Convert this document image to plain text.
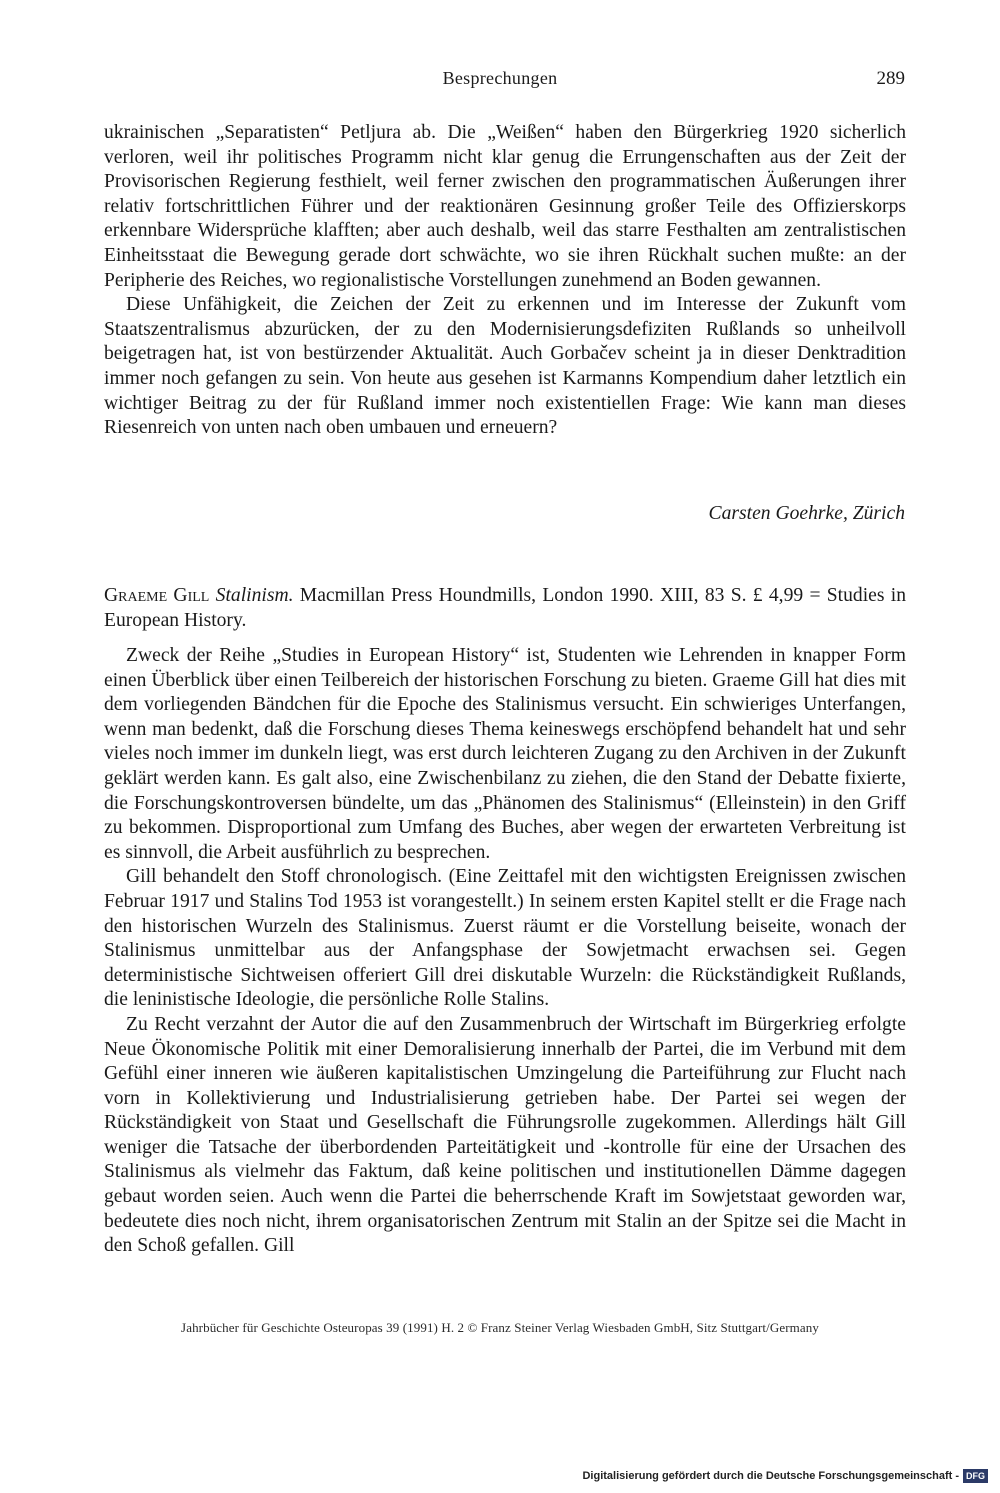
Besprechungen	289

ukrainischen „Separatisten“ Petljura ab. Die „Weißen“ haben den Bürgerkrieg 1920 sicherlich verloren, weil ihr politisches Programm nicht klar genug die Errungenschaften aus der Zeit der Provisorischen Regierung festhielt, weil ferner zwischen den programmatischen Äußerungen ihrer relativ fortschrittlichen Führer und der reaktionären Gesinnung großer Teile des Offizierskorps erkennbare Widersprüche klafften; aber auch deshalb, weil das starre Festhalten am zentralistischen Einheitsstaat die Bewegung gerade dort schwächte, wo sie ihren Rückhalt suchen mußte: an der Peripherie des Reiches, wo regionalistische Vorstellungen zunehmend an Boden gewannen.

Diese Unfähigkeit, die Zeichen der Zeit zu erkennen und im Interesse der Zukunft vom Staatszentralismus abzurücken, der zu den Modernisierungsdefiziten Rußlands so unheilvoll beigetragen hat, ist von bestürzender Aktualität. Auch Gorbačev scheint ja in dieser Denktradition immer noch gefangen zu sein. Von heute aus gesehen ist Karmanns Kompendium daher letztlich ein wichtiger Beitrag zu der für Rußland immer noch existentiellen Frage: Wie kann man dieses Riesenreich von unten nach oben umbauen und erneuern?

Carsten Goehrke, Zürich
Graeme Gill Stalinism. Macmillan Press Houndmills, London 1990. XIII, 83 S. £ 4,99 = Studies in European History.

Zweck der Reihe „Studies in European History“ ist, Studenten wie Lehrenden in knapper Form einen Überblick über einen Teilbereich der historischen Forschung zu bieten. Graeme Gill hat dies mit dem vorliegenden Bändchen für die Epoche des Stalinismus versucht. Ein schwieriges Unterfangen, wenn man bedenkt, daß die Forschung dieses Thema keineswegs erschöpfend behandelt hat und sehr vieles noch immer im dunkeln liegt, was erst durch leichteren Zugang zu den Archiven in der Zukunft geklärt werden kann. Es galt also, eine Zwischenbilanz zu ziehen, die den Stand der Debatte fixierte, die Forschungskontroversen bündelte, um das „Phänomen des Stalinismus“ (Elleinstein) in den Griff zu bekommen. Disproportional zum Umfang des Buches, aber wegen der erwarteten Verbreitung ist es sinnvoll, die Arbeit ausführlich zu besprechen.

Gill behandelt den Stoff chronologisch. (Eine Zeittafel mit den wichtigsten Ereignissen zwischen Februar 1917 und Stalins Tod 1953 ist vorangestellt.) In seinem ersten Kapitel stellt er die Frage nach den historischen Wurzeln des Stalinismus. Zuerst räumt er die Vorstellung beiseite, wonach der Stalinismus unmittelbar aus der Anfangsphase der Sowjetmacht erwachsen sei. Gegen deterministische Sichtweisen offeriert Gill drei diskutable Wurzeln: die Rückständigkeit Rußlands, die leninistische Ideologie, die persönliche Rolle Stalins.

Zu Recht verzahnt der Autor die auf den Zusammenbruch der Wirtschaft im Bürgerkrieg erfolgte Neue Ökonomische Politik mit einer Demoralisierung innerhalb der Partei, die im Verbund mit dem Gefühl einer inneren wie äußeren kapitalistischen Umzingelung die Parteiführung zur Flucht nach vorn in Kollektivierung und Industrialisierung getrieben habe. Der Partei sei wegen der Rückständigkeit von Staat und Gesellschaft die Führungsrolle zugekommen. Allerdings hält Gill weniger die Tatsache der überbordenden Parteitätigkeit und -kontrolle für eine der Ursachen des Stalinismus als vielmehr das Faktum, daß keine politischen und institutionellen Dämme dagegen gebaut worden seien. Auch wenn die Partei die beherrschende Kraft im Sowjetstaat geworden war, bedeutete dies noch nicht, ihrem organisatorischen Zentrum mit Stalin an der Spitze sei die Macht in den Schoß gefallen. Gill

Jahrbücher für Geschichte Osteuropas 39 (1991) H. 2 © Franz Steiner Verlag Wiesbaden GmbH, Sitz Stuttgart/Germany
Digitalisierung gefördert durch die Deutsche Forschungsgemeinschaft - DFG
